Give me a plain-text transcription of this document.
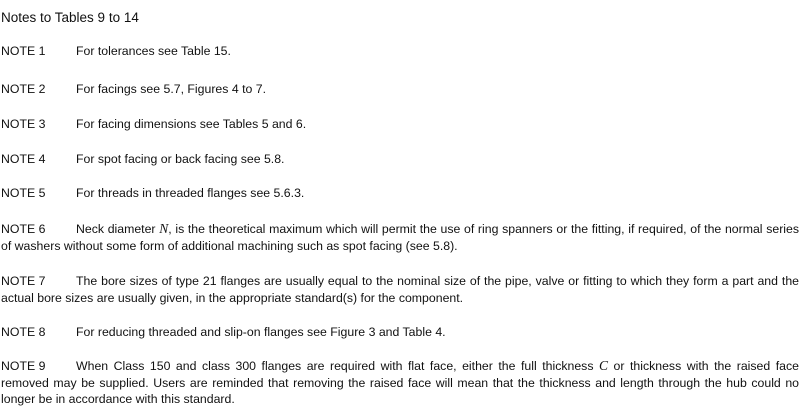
Notes to Tables 9 to 14
NOTE 1 For tolerances see Table 15.
NOTE 2 For facings see 5.7, Figures 4 to 7.
NOTE 3 For facing dimensions see Tables 5 and 6.
NOTE 4 For spot facing or back facing see 5.8.
NOTE 5 For threads in threaded flanges see 5.6.3.
NOTE 6 Neck diameter N, is the theoretical maximum which will permit the use of ring spanners or the fitting, if required, of the normal series of washers without some form of additional machining such as spot facing (see 5.8).
NOTE 7 The bore sizes of type 21 flanges are usually equal to the nominal size of the pipe, valve or fitting to which they form a part and the actual bore sizes are usually given, in the appropriate standard(s) for the component.
NOTE 8 For reducing threaded and slip-on flanges see Figure 3 and Table 4.
NOTE 9 When Class 150 and class 300 flanges are required with flat face, either the full thickness C or thickness with the raised face removed may be supplied. Users are reminded that removing the raised face will mean that the thickness and length through the hub could no longer be in accordance with this standard.
